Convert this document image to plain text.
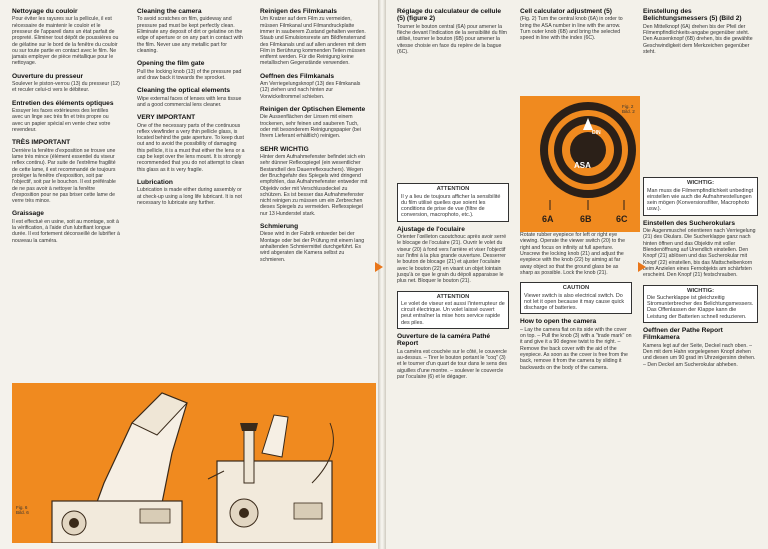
Nettoyage du couloir

Pour éviter les rayures sur la pellicule, il est nécessaire de maintenir le couloir et le presseur de l'appareil dans un état parfait de propreté. Éliminer tout dépôt de poussières ou de gélatine sur le bord de la fenêtre du couloir ou sur toute partie en contact avec le film. Ne jamais employer de pièce métallique pour le nettoyage.

Ouverture du presseur

Soulever le piston-verrou (13) du presseur (12) et reculer celui-ci vers le débiteur.

Entretien des éléments optiques

Essuyer les faces extérieures des lentilles avec un linge sec très fin et très propre ou avec un papier spécial en vente chez votre revendeur.

TRÈS IMPORTANT

Derrière la fenêtre d'exposition se trouve une lame très mince (élément essentiel du viseur reflex continu). Par suite de l'extrême fragilité de cette lame, il est recommandé de toujours protéger la fenêtre d'exposition, soit par l'objectif, soit par le bouchon. Il est préférable de ne pas avoir à nettoyer la fenêtre d'exposition pour ne pas briser cette lame de verre très mince.

Graissage

Il est effectué en usine, soit au montage, soit à la vérification, à l'aide d'un lubrifiant longue durée. Il est fortement déconseillé de lubrifier à nouveau la caméra.

Cleaning the camera

To avoid scratches on film, guideway and pressure pad must be kept perfectly clean. Eliminate any deposit of dirt or gelatine on the edge of aperture or on any part in contact with the film. Never use any metallic part for cleaning.

Opening the film gate

Pull the locking knob (13) of the pressure pad and draw back it towards the sprocket.

Cleaning the optical elements

Wipe external faces of lenses with lens tissue and a good commercial lens cleaner.

VERY IMPORTANT

One of the necessary parts of the continuous reflex viewfinder a very thin pellicle glass, is located behind the gate aperture. To keep dust out and to avoid the possibility of damaging this pellicle, it is a must that either the lens or a cap be kept over the lens mount. It is strongly recommended that you do not attempt to clean this glass as it is very fragile.

Lubrication

Lubrication is made either during assembly or at check-up using a long life lubricant. It is not necessary to lubricate any further.

Reinigen des Filmkanals

Um Kratzer auf dem Film zu vermeiden, müssen Filmkanal und Filmandruckplatte immer in sauberem Zustand gehalten werden. Staub und Emulsionsreste am Bildfensterrand des Filmkanals und auf allen anderen mit dem Film in Berührung kommenden Teilen müssen entfernt werden. Für die Reinigung keine metallischen Gegenstände verwenden.

Oeffnen des Filmkanals

Am Verriegelungsknopf (13) des Filmkanals (12) ziehen und nach hinten zur Vorwickeltrommel schieben.

Reinigen der Optischen Elemente

Die Aussenflächen der Linsen mit einem trockenen, sehr feinen und sauberen Tuch, oder mit besonderem Reinigungspapier (bei Ihrem Lieferant erhältlich) reinigen.

SEHR WICHTIG

Hinter dem Aufnahmefenster befindet sich ein sehr dünner Reflexspiegel (ein wesentlicher Bestandteil des Dauerreflexsuchers). Wegen der Bruchgefahr des Spiegels wird dringend empfohlen, das Aufnahmefenster entweder mit Objektiv oder mit Verschlussdeckel zu schützen. Es ist besser das Aufnahmefenster nicht reinigen zu müssen um ein Zerbrechen dieses Spiegels zu vermeiden. Reflexspiegel nur 13 Hunderstel stark.

Schmierung

Diese wird in der Fabrik entweder bei der Montage oder bei der Prüfung mit einem lang anhaltenden Schmiermittel durchgeführt. Es wird abgeraten die Kamera selbst zu schmieren.

Fig. 6
Bild. 6
Réglage du calculateur de cellule (5) (figure 2)

Tourner le bouton central (6A) pour amener la flèche devant l'indication de la sensibilité du film utilisé, tourner le bouton (6B) pour amener la vitesse choisie en face du repère de la bague (6C).

ATTENTION
Il y a lieu de toujours afficher la sensibilité du film utilisé quelles que soient les conditions de prise de vue (filtre de conversion, macrophoto, etc.).
Ajustage de l'oculaire

Orienter l'œilleton caoutchouc après avoir serré le blocage de l'oculaire (21). Ouvrir le volet du viseur (20) à fond vers l'arrière et viser l'objectif sur l'infini à la plus grande ouverture. Desserrer le bouton de blocage (21) et ajuster l'oculaire avec le bouton (22) en visant un objet lointain jusqu'à ce que le grain du dépoli apparaisse le plus net. Bloquer le bouton (21).

ATTENTION
Le volet de viseur est aussi l'interrupteur de circuit électrique. Un volet laissé ouvert peut entraîner la mise hors service rapide des piles.
Ouverture de la caméra Pathé Report

La caméra est couchée sur le côté, le couvercle au-dessus. – Tirer le bouton portant le "coq" (3) et le tourner d'un quart de tour dans le sens des aiguilles d'une montre. – soulever le couvercle par l'oculaire (6) et le dégager.

Cell calculator adjustment (5)

(Fig. 2) Turn the central knob (6A) in order to bring the ASA number in line with the arrow. Turn outer knob (6B) and bring the selected speed in line with the index (6C).

Rotate rubber eyepiece for left or right eye viewing. Operate the viewer switch (20) to the right and focus on infinity at full aperture. Unscrew the locking knob (21) and adjust the eyepiece with the knob (22) by aiming at far away object so that the ground glass be as sharp as possible. Lock the knob (21).

CAUTION
Viewer switch is also electrical switch. Do not let it open because it may cause quick discharge of batteries.
How to open the camera

– Lay the camera flat on its side with the cover on top. – Pull the knob (3) with a "trade mark" on it and give it a 90 degree twist to the right. – Remove the back cover with the aid of the eyepiece. As soon as the cover is free from the back, remove it from the camera by sliding it backwards on the body of the camera.

Einstellung des Belichtungsmessers (5) (Bild 2)

Den Mittelknopf (6A) drehen bis der Pfeil der Filmempfindlichkeits-angabe gegenüber steht. Den Aussenknopf (6B) drehen, bis die gewählte Geschwindigkeit dem Merkzeichen gegenüber steht.

WICHTIG:
Man muss die Filmempfindlichkeit unbedingt einstellen wie auch die Aufnahmestellungen sein mögen (Konversionsfilter, Macrophoto usw.).
Einstellen des Sucherokulars

Die Augenmuschel orientieren nach Verriegelung (21) des Okulars. Die Sucherklappe ganz nach hinten öffnen und das Objektiv mit voller Blendenöffnung auf Unendlich einstellen. Den Knopf (21) ablösen und das Sucherokular mit Knopf (22) einstellen, bis das Mattscheibenkorn beim Anzielen eines Fernobjekts am schärfsten erscheint. Den Knopf (21) festschrauben.

WICHTIG:
Die Sucherklappe ist gleichzeitig Stromunterbrecher des Belichtungsmessers. Das Offenlassen der Klappe kann die Leistung der Batterien schnell reduzieren.
Oeffnen der Pathe Report Filmkamera

Kamera legt auf der Seite, Deckel nach oben. – Den mit dem Hahn vorgelegenen Knopf ziehen und diesen um 90 grad im Uhrzeigersinn drehen. – Den Deckel am Sucherokular abheben.

ASA
DIN
6A	6B	6C
Fig. 2
Bild. 2
